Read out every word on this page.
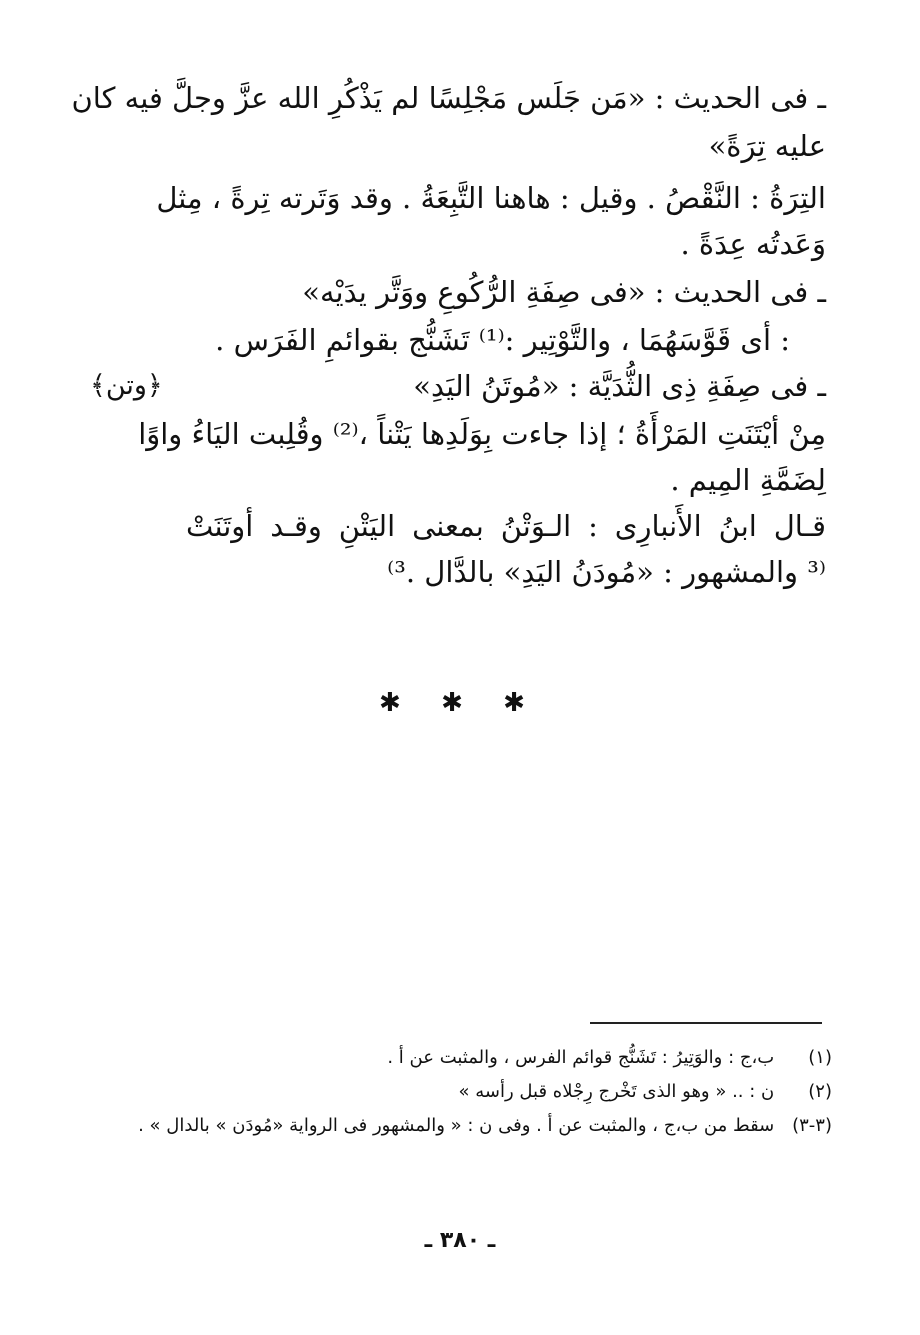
ـ فى الحديث : «مَن جَلَس مَجْلِسًا لم يَذْكُرِ الله عزَّ وجلَّ فيه كان
عليه تِرَةً»
التِرَةُ : النَّقْصُ . وقيل : هاهنا التَّبِعَةُ . وقد وَتَرته تِرةً ، مِثل
وَعَدتُه عِدَةً .
ـ فى الحديث : «فى صِفَةِ الرُّكُوعِ ووَتَّر يدَيْه»
: أى قَوَّسَهُمَا ، والتَّوْتِير :⁽¹⁾ تَشَنُّج بقوائمِ الفَرَس .
ـ فى صِفَةِ ذِى الثُّدَيَّة : «مُوتَنُ اليَدِ»
﴿وتن﴾
مِنْ أيْتَنَتِ المَرْأَةُ ؛ إذا جاءت بِوَلَدِها يَتْناً ،⁽²⁾ وقُلِبت اليَاءُ واوًا
لِضَمَّةِ المِيم .
قـال ابنُ الأَنبارِى : الـوَتْنُ بمعنى اليَتْنِ وقـد أوتَنَتْ
⁽³ والمشهور : «مُودَنُ اليَدِ» بالدَّال .³⁾
✱ ✱ ✱
(١) ب،ج : والوَتِيرُ : تَشَنُّج قوائم الفرس ، والمثبت عن أ .
(٢) ن : .. « وهو الذى تَخْرج رِجْلاه قبل رأسه »
(٣-٣) سقط من ب،ج ، والمثبت عن أ . وفى ن : « والمشهور فى الرواية «مُودَن » بالدال » .
ـ ٣٨٠ ـ
